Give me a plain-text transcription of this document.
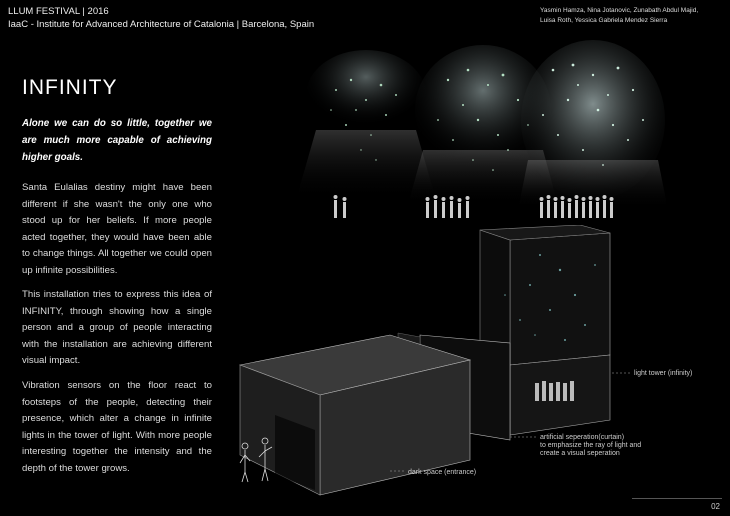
LLUM FESTIVAL | 2016
IaaC - Institute for Advanced Architecture of Catalonia | Barcelona, Spain
Yasmin Hamza, Nina Jotanovic, Zunabath Abdul Majid,
Luisa Roth, Yessica Gabriela Mendez Sierra
INFINITY
Alone we can do so little, together we are much more capable of achieving higher goals.
Santa Eulalias destiny might have been different if she wasn't the only one who stood up for her beliefs. If more people acted together, they would have been able to change things. All together we could open up infinite possibilities.
This installation tries to express this idea of INFINITY, through showing how a single person and a group of people interacting with the installation are achieving different visual impact.
Vibration sensors on the floor react to footsteps of the people, detecting their presence, which alter a change in infinite lights in the tower of light. With more people interesting together the intensity and the depth of the tower grows.
light tower (infinity)
artificial seperation(curtain)
to emphasize the ray of light and
create a visual seperation
dark space (entrance)
02
